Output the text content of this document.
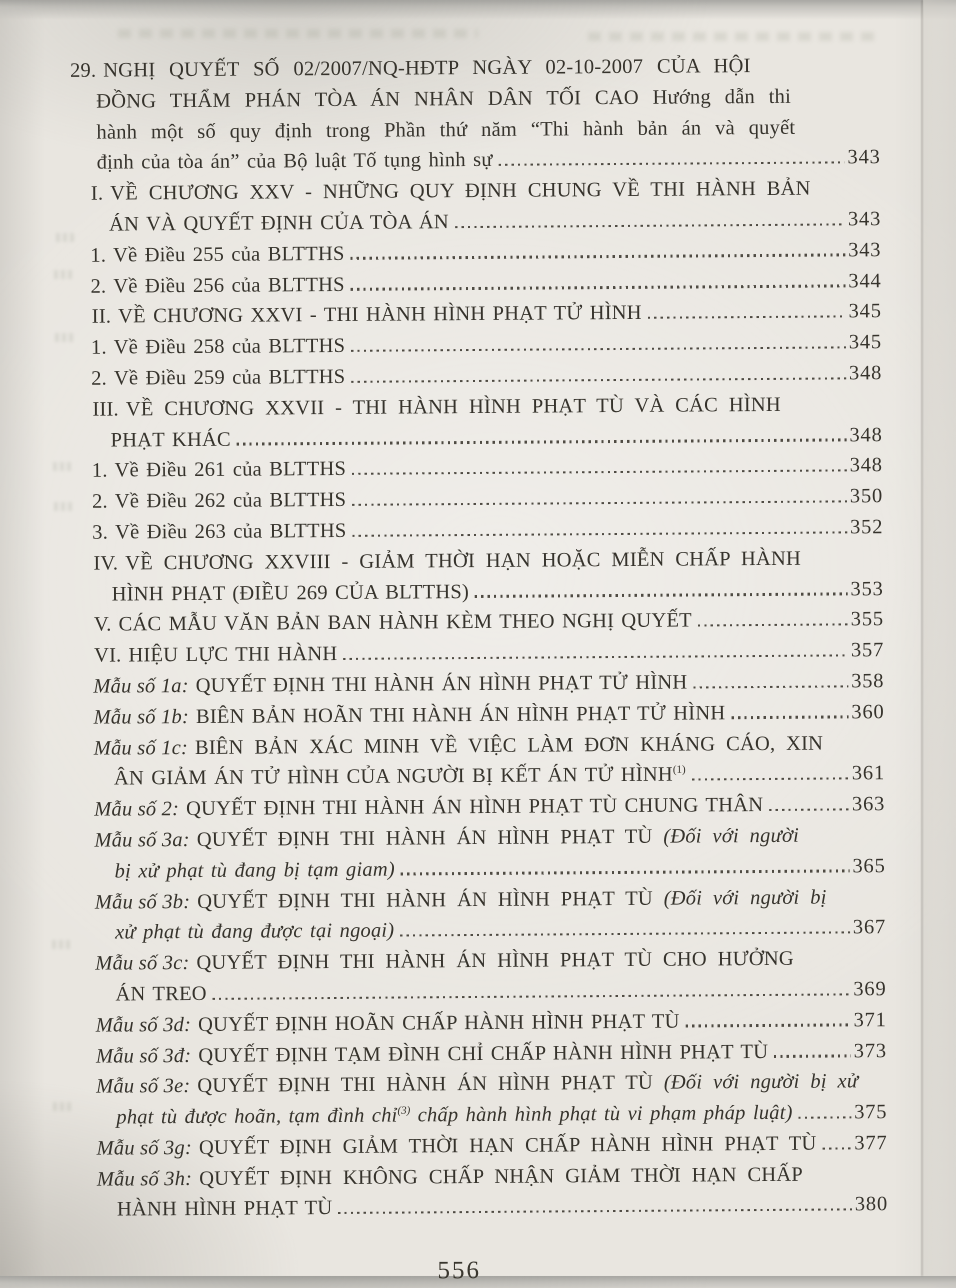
29. NGHỊ QUYẾT SỐ 02/2007/NQ-HĐTP NGÀY 02-10-2007 CỦA HỘI
ĐỒNG THẨM PHÁN TÒA ÁN NHÂN DÂN TỐI CAO Hướng dẫn thi
hành một số quy định trong Phần thứ năm “Thi hành bản án và quyết
định của tòa án” của Bộ luật Tố tụng hình sự	343
I. VỀ CHƯƠNG XXV - NHỮNG QUY ĐỊNH CHUNG VỀ THI HÀNH BẢN
ÁN VÀ QUYẾT ĐỊNH CỦA TÒA ÁN	343
1. Về Điều 255 của BLTTHS	343
2. Về Điều 256 của BLTTHS	344
II. VỀ CHƯƠNG XXVI - THI HÀNH HÌNH PHẠT TỬ HÌNH	345
1. Về Điều 258 của BLTTHS	345
2. Về Điều 259 của BLTTHS	348
III. VỀ CHƯƠNG XXVII - THI HÀNH HÌNH PHẠT TÙ VÀ CÁC HÌNH
PHẠT KHÁC	348
1. Về Điều 261 của BLTTHS	348
2. Về Điều 262 của BLTTHS	350
3. Về Điều 263 của BLTTHS	352
IV. VỀ CHƯƠNG XXVIII - GIẢM THỜI HẠN HOẶC MIỄN CHẤP HÀNH
HÌNH PHẠT (ĐIỀU 269 CỦA BLTTHS)	353
V. CÁC MẪU VĂN BẢN BAN HÀNH KÈM THEO NGHỊ QUYẾT	355
VI. HIỆU LỰC THI HÀNH	357
Mẫu số 1a: QUYẾT ĐỊNH THI HÀNH ÁN HÌNH PHẠT TỬ HÌNH	358
Mẫu số 1b: BIÊN BẢN HOÃN THI HÀNH ÁN HÌNH PHẠT TỬ HÌNH	360
Mẫu số 1c: BIÊN BẢN XÁC MINH VỀ VIỆC LÀM ĐƠN KHÁNG CÁO, XIN
ÂN GIẢM ÁN TỬ HÌNH CỦA NGƯỜI BỊ KẾT ÁN TỬ HÌNH$^{(1)}$	361
Mẫu số 2: QUYẾT ĐỊNH THI HÀNH ÁN HÌNH PHẠT TÙ CHUNG THÂN	363
Mẫu số 3a: QUYẾT ĐỊNH THI HÀNH ÁN HÌNH PHẠT TÙ (Đối với người
bị xử phạt tù đang bị tạm giam)	365
Mẫu số 3b: QUYẾT ĐỊNH THI HÀNH ÁN HÌNH PHẠT TÙ (Đối với người bị
xử phạt tù đang được tại ngoại)	367
Mẫu số 3c: QUYẾT ĐỊNH THI HÀNH ÁN HÌNH PHẠT TÙ CHO HƯỞNG
ÁN TREO	369
Mẫu số 3d: QUYẾT ĐỊNH HOÃN CHẤP HÀNH HÌNH PHẠT TÙ	371
Mẫu số 3đ: QUYẾT ĐỊNH TẠM ĐÌNH CHỈ CHẤP HÀNH HÌNH PHẠT TÙ	373
Mẫu số 3e: QUYẾT ĐỊNH THI HÀNH ÁN HÌNH PHẠT TÙ (Đối với người bị xử
phạt tù được hoãn, tạm đình chỉ$^{(3)}$ chấp hành hình phạt tù vi phạm pháp luật)	375
Mẫu số 3g: QUYẾT ĐỊNH GIẢM THỜI HẠN CHẤP HÀNH HÌNH PHẠT TÙ 377
Mẫu số 3h: QUYẾT ĐỊNH KHÔNG CHẤP NHẬN GIẢM THỜI HẠN CHẤP
HÀNH HÌNH PHẠT TÙ	380
556
